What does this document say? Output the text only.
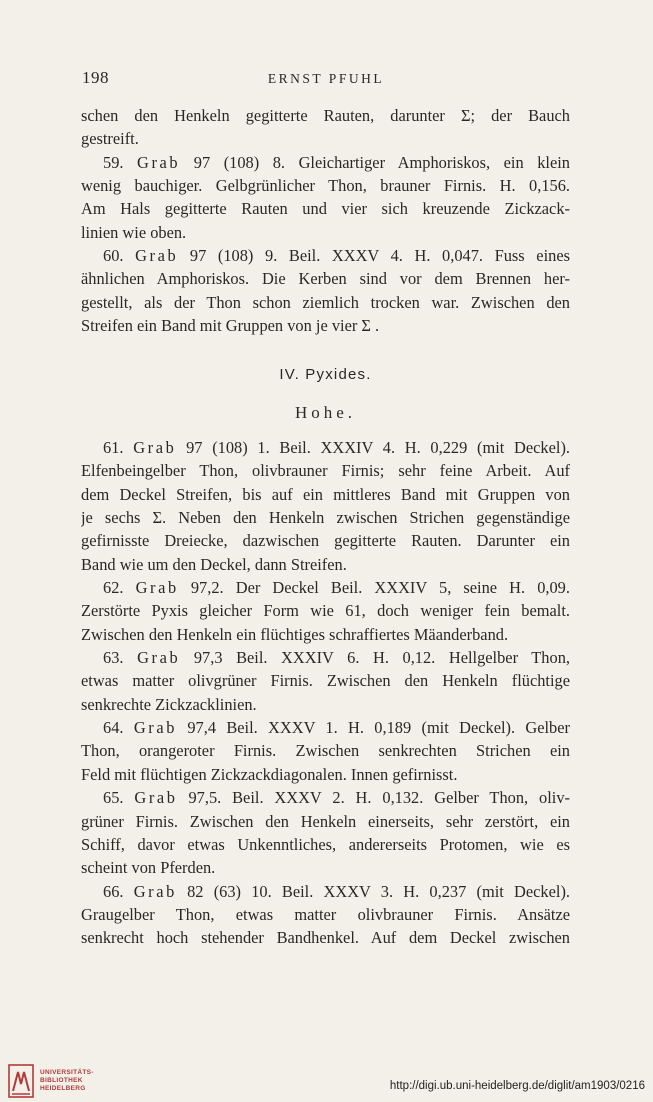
198	ERNST PFUHL
schen den Henkeln gegitterte Rauten, darunter Σ; der Bauch
gestreift.
59. Grab 97 (108) 8. Gleichartiger Amphoriskos, ein klein
wenig bauchiger. Gelbgrünlicher Thon, brauner Firnis. H. 0,156.
Am Hals gegitterte Rauten und vier sich kreuzende Zickzack-
linien wie oben.
60. Grab 97 (108) 9. Beil. XXXV 4. H. 0,047. Fuss eines
ähnlichen Amphoriskos. Die Kerben sind vor dem Brennen her-
gestellt, als der Thon schon ziemlich trocken war. Zwischen den
Streifen ein Band mit Gruppen von je vier Σ .
IV. Pyxides.
Hohe.
61. Grab 97 (108) 1. Beil. XXXIV 4. H. 0,229 (mit Deckel).
Elfenbeingelber Thon, olivbrauner Firnis; sehr feine Arbeit. Auf
dem Deckel Streifen, bis auf ein mittleres Band mit Gruppen von
je sechs Σ. Neben den Henkeln zwischen Strichen gegenständige
gefirnisste Dreiecke, dazwischen gegitterte Rauten. Darunter ein
Band wie um den Deckel, dann Streifen.
62. Grab 97,2. Der Deckel Beil. XXXIV 5, seine H. 0,09.
Zerstörte Pyxis gleicher Form wie 61, doch weniger fein bemalt.
Zwischen den Henkeln ein flüchtiges schraffiertes Mäanderband.
63. Grab 97,3 Beil. XXXIV 6. H. 0,12. Hellgelber Thon,
etwas matter olivgrüner Firnis. Zwischen den Henkeln flüchtige
senkrechte Zickzacklinien.
64. Grab 97,4 Beil. XXXV 1. H. 0,189 (mit Deckel). Gelber
Thon, orangeroter Firnis. Zwischen senkrechten Strichen ein
Feld mit flüchtigen Zickzackdiagonalen. Innen gefirnisst.
65. Grab 97,5. Beil. XXXV 2. H. 0,132. Gelber Thon, oliv-
grüner Firnis. Zwischen den Henkeln einerseits, sehr zerstört, ein
Schiff, davor etwas Unkenntliches, andererseits Protomen, wie es
scheint von Pferden.
66. Grab 82 (63) 10. Beil. XXXV 3. H. 0,237 (mit Deckel).
Graugelber Thon, etwas matter olivbrauner Firnis. Ansätze
senkrecht hoch stehender Bandhenkel. Auf dem Deckel zwischen
UNIVERSITÄTS-
BIBLIOTHEK
HEIDELBERG	http://digi.ub.uni-heidelberg.de/diglit/am1903/0216
